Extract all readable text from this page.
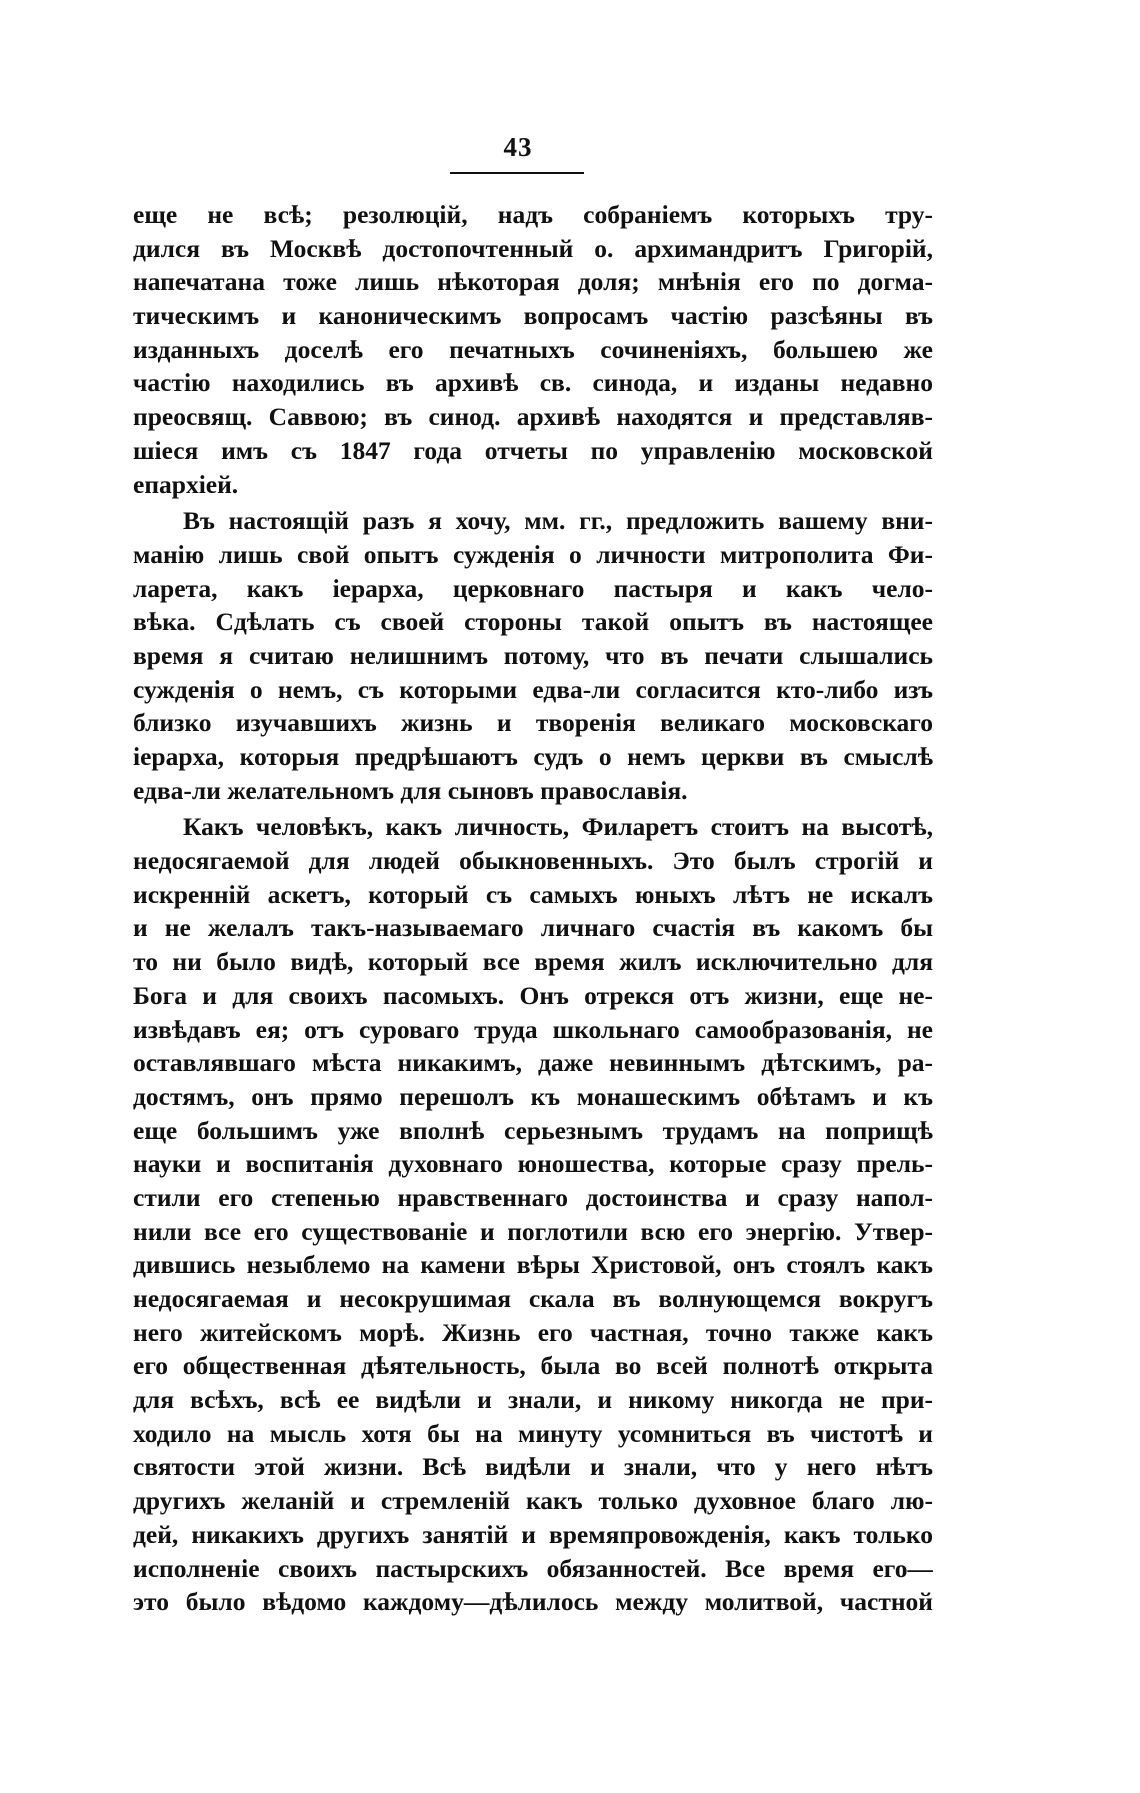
43
еще не всѣ; резолюцій, надъ собраніемъ которыхъ тру-
дился въ Москвѣ достопочтенный о. архимандритъ Григорій,
напечатана тоже лишь нѣкоторая доля; мнѣнія его по догма-
тическимъ и каноническимъ вопросамъ частію разсѣяны въ
изданныхъ доселѣ его печатныхъ сочиненіяхъ, большею же
частію находились въ архивѣ св. синода, и изданы недавно
преосвящ. Саввою; въ синод. архивѣ находятся и представляв-
шіеся имъ съ 1847 года отчеты по управленію московской
епархіей.
Въ настоящій разъ я хочу, мм. гг., предложить вашему вни-
манію лишь свой опытъ сужденія о личности митрополита Фи-
ларета, какъ іерарха, церковнаго пастыря и какъ чело-
вѣка. Сдѣлать съ своей стороны такой опытъ въ настоящее
время я считаю нелишнимъ потому, что въ печати слышались
сужденія о немъ, съ которыми едва-ли согласится кто-либо изъ
близко изучавшихъ жизнь и творенія великаго московскаго
іерарха, которыя предрѣшаютъ судъ о немъ церкви въ смыслѣ
едва-ли желательномъ для сыновъ православія.
Какъ человѣкъ, какъ личность, Филаретъ стоитъ на высотѣ,
недосягаемой для людей обыкновенныхъ. Это былъ строгій и
искренній аскетъ, который съ самыхъ юныхъ лѣтъ не искалъ
и не желалъ такъ-называемаго личнаго счастія въ какомъ бы
то ни было видѣ, который все время жилъ исключительно для
Бога и для своихъ пасомыхъ. Онъ отрекся отъ жизни, еще не-
извѣдавъ ея; отъ суроваго труда школьнаго самообразованія, не
оставлявшаго мѣста никакимъ, даже невиннымъ дѣтскимъ, ра-
достямъ, онъ прямо перешолъ къ монашескимъ обѣтамъ и къ
еще большимъ уже вполнѣ серьезнымъ трудамъ на поприщѣ
науки и воспитанія духовнаго юношества, которые сразу прель-
стили его степенью нравственнаго достоинства и сразу напол-
нили все его существованіе и поглотили всю его энергію. Утвер-
дившись незыблемо на камени вѣры Христовой, онъ стоялъ какъ
недосягаемая и несокрушимая скала въ волнующемся вокругъ
него житейскомъ морѣ. Жизнь его частная, точно также какъ
его общественная дѣятельность, была во всей полнотѣ открыта
для всѣхъ, всѣ ее видѣли и знали, и никому никогда не при-
ходило на мысль хотя бы на минуту усомниться въ чистотѣ и
святости этой жизни. Всѣ видѣли и знали, что у него нѣтъ
другихъ желаній и стремленій какъ только духовное благо лю-
дей, никакихъ другихъ занятій и времяпровожденія, какъ только
исполненіе своихъ пастырскихъ обязанностей. Все время его—
это было вѣдомо каждому—дѣлилось между молитвой, частной
